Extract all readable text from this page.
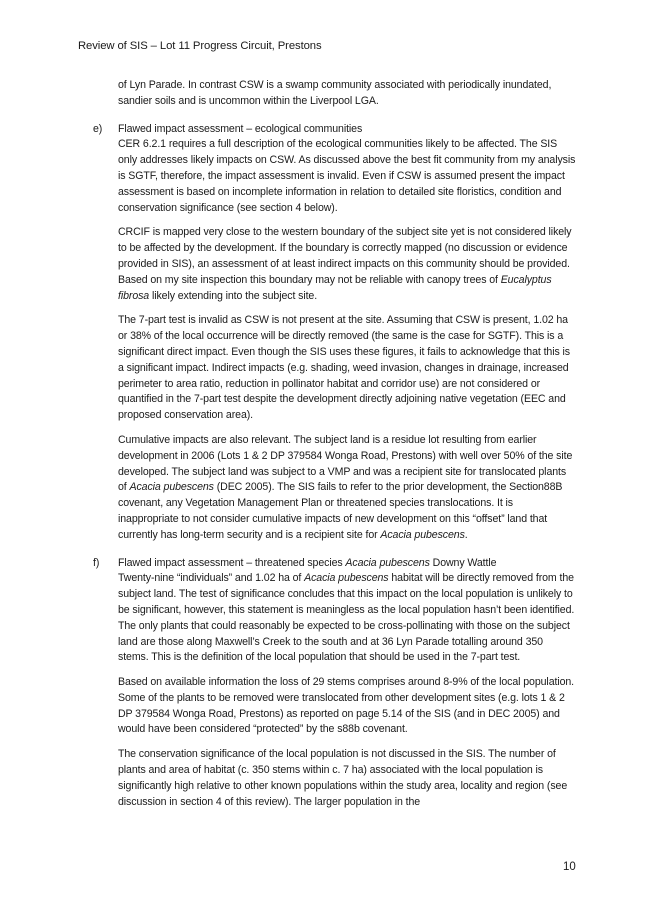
Review of SIS – Lot 11 Progress Circuit, Prestons

of Lyn Parade. In contrast CSW is a swamp community associated with periodically inundated, sandier soils and is uncommon within the Liverpool LGA.

e) Flawed impact assessment – ecological communities

CER 6.2.1 requires a full description of the ecological communities likely to be affected. The SIS only addresses likely impacts on CSW. As discussed above the best fit community from my analysis is SGTF, therefore, the impact assessment is invalid. Even if CSW is assumed present the impact assessment is based on incomplete information in relation to detailed site floristics, condition and conservation significance (see section 4 below).

CRCIF is mapped very close to the western boundary of the subject site yet is not considered likely to be affected by the development. If the boundary is correctly mapped (no discussion or evidence provided in SIS), an assessment of at least indirect impacts on this community should be provided. Based on my site inspection this boundary may not be reliable with canopy trees of Eucalyptus fibrosa likely extending into the subject site.

The 7-part test is invalid as CSW is not present at the site. Assuming that CSW is present, 1.02 ha or 38% of the local occurrence will be directly removed (the same is the case for SGTF). This is a significant direct impact. Even though the SIS uses these figures, it fails to acknowledge that this is a significant impact. Indirect impacts (e.g. shading, weed invasion, changes in drainage, increased perimeter to area ratio, reduction in pollinator habitat and corridor use) are not considered or quantified in the 7-part test despite the development directly adjoining native vegetation (EEC and proposed conservation area).

Cumulative impacts are also relevant. The subject land is a residue lot resulting from earlier development in 2006 (Lots 1 & 2 DP 379584 Wonga Road, Prestons) with well over 50% of the site developed. The subject land was subject to a VMP and was a recipient site for translocated plants of Acacia pubescens (DEC 2005). The SIS fails to refer to the prior development, the Section88B covenant, any Vegetation Management Plan or threatened species translocations. It is inappropriate to not consider cumulative impacts of new development on this “offset” land that currently has long-term security and is a recipient site for Acacia pubescens.

f) Flawed impact assessment – threatened species Acacia pubescens Downy Wattle

Twenty-nine “individuals” and 1.02 ha of Acacia pubescens habitat will be directly removed from the subject land. The test of significance concludes that this impact on the local population is unlikely to be significant, however, this statement is meaningless as the local population hasn’t been identified. The only plants that could reasonably be expected to be cross-pollinating with those on the subject land are those along Maxwell’s Creek to the south and at 36 Lyn Parade totalling around 350 stems. This is the definition of the local population that should be used in the 7-part test.

Based on available information the loss of 29 stems comprises around 8-9% of the local population. Some of the plants to be removed were translocated from other development sites (e.g. lots 1 & 2 DP 379584 Wonga Road, Prestons) as reported on page 5.14 of the SIS (and in DEC 2005) and would have been considered “protected” by the s88b covenant.

The conservation significance of the local population is not discussed in the SIS. The number of plants and area of habitat (c. 350 stems within c. 7 ha) associated with the local population is significantly high relative to other known populations within the study area, locality and region (see discussion in section 4 of this review). The larger population in the

10
